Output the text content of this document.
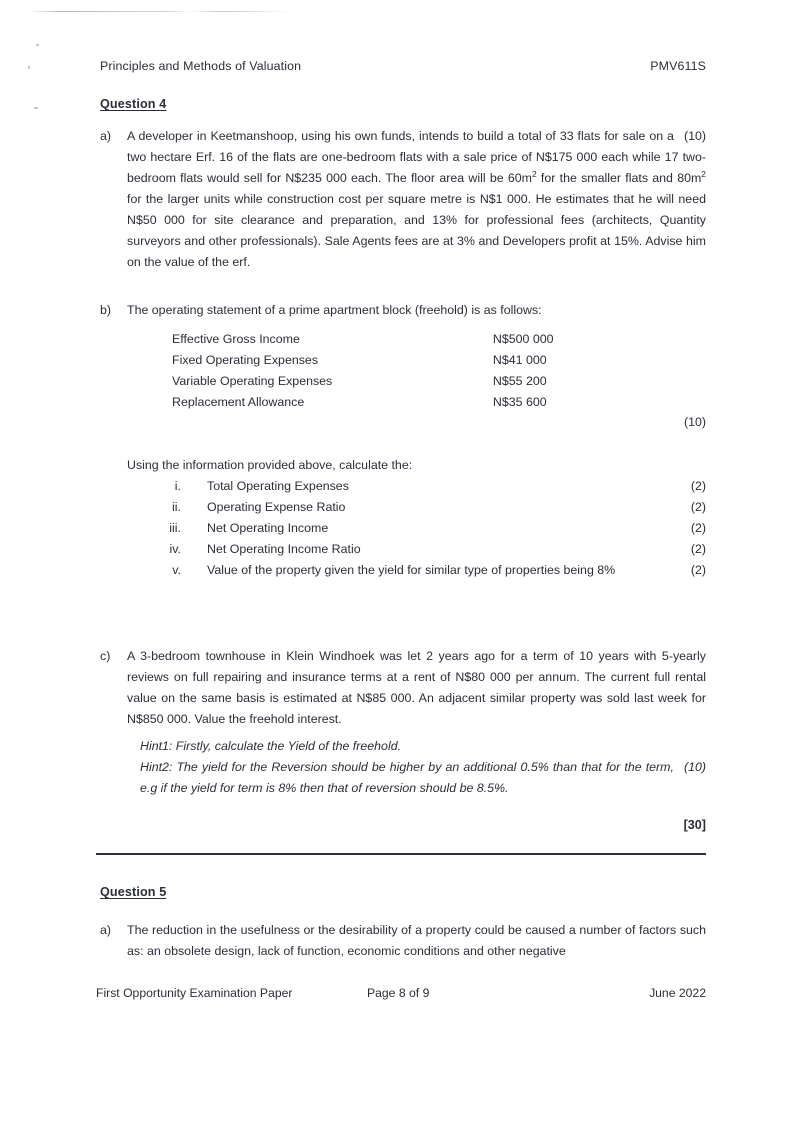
Principles and Methods of Valuation	PMV611S
Question 4
a)	(10)
A developer in Keetmanshoop, using his own funds, intends to build a total of 33 flats for sale on a two hectare Erf. 16 of the flats are one-bedroom flats with a sale price of N$175 000 each while 17 two-bedroom flats would sell for N$235 000 each. The floor area will be $60m^2$ for the smaller flats and $80m^2$ for the larger units while construction cost per square metre is N$1 000. He estimates that he will need N$50 000 for site clearance and preparation, and 13% for professional fees (architects, Quantity surveyors and other professionals). Sale Agents fees are at 3% and Developers profit at 15%. Advise him on the value of the erf.
b)	The operating statement of a prime apartment block (freehold) is as follows:
Effective Gross Income	N$500 000
Fixed Operating Expenses	N$41 000
Variable Operating Expenses	N$55 200
Replacement Allowance	N$35 600
(10)
Using the information provided above, calculate the:
i.	Total Operating Expenses	(2)
ii.	Operating Expense Ratio	(2)
iii.	Net Operating Income	(2)
iv.	Net Operating Income Ratio	(2)
v.	Value of the property given the yield for similar type of properties being 8%	(2)
c)	A 3-bedroom townhouse in Klein Windhoek was let 2 years ago for a term of 10 years with 5-yearly reviews on full repairing and insurance terms at a rent of N$80 000 per annum. The current full rental value on the same basis is estimated at N$85 000. An adjacent similar property was sold last week for N$850 000. Value the freehold interest.
Hint1: Firstly, calculate the Yield of the freehold.
(10)
Hint2: The yield for the Reversion should be higher by an additional 0.5% than that for the term, e.g if the yield for term is 8% then that of reversion should be 8.5%.
[30]
Question 5
a)	The reduction in the usefulness or the desirability of a property could be caused a number of factors such as: an obsolete design, lack of function, economic conditions and other negative
First Opportunity Examination Paper	Page 8 of 9	June 2022
